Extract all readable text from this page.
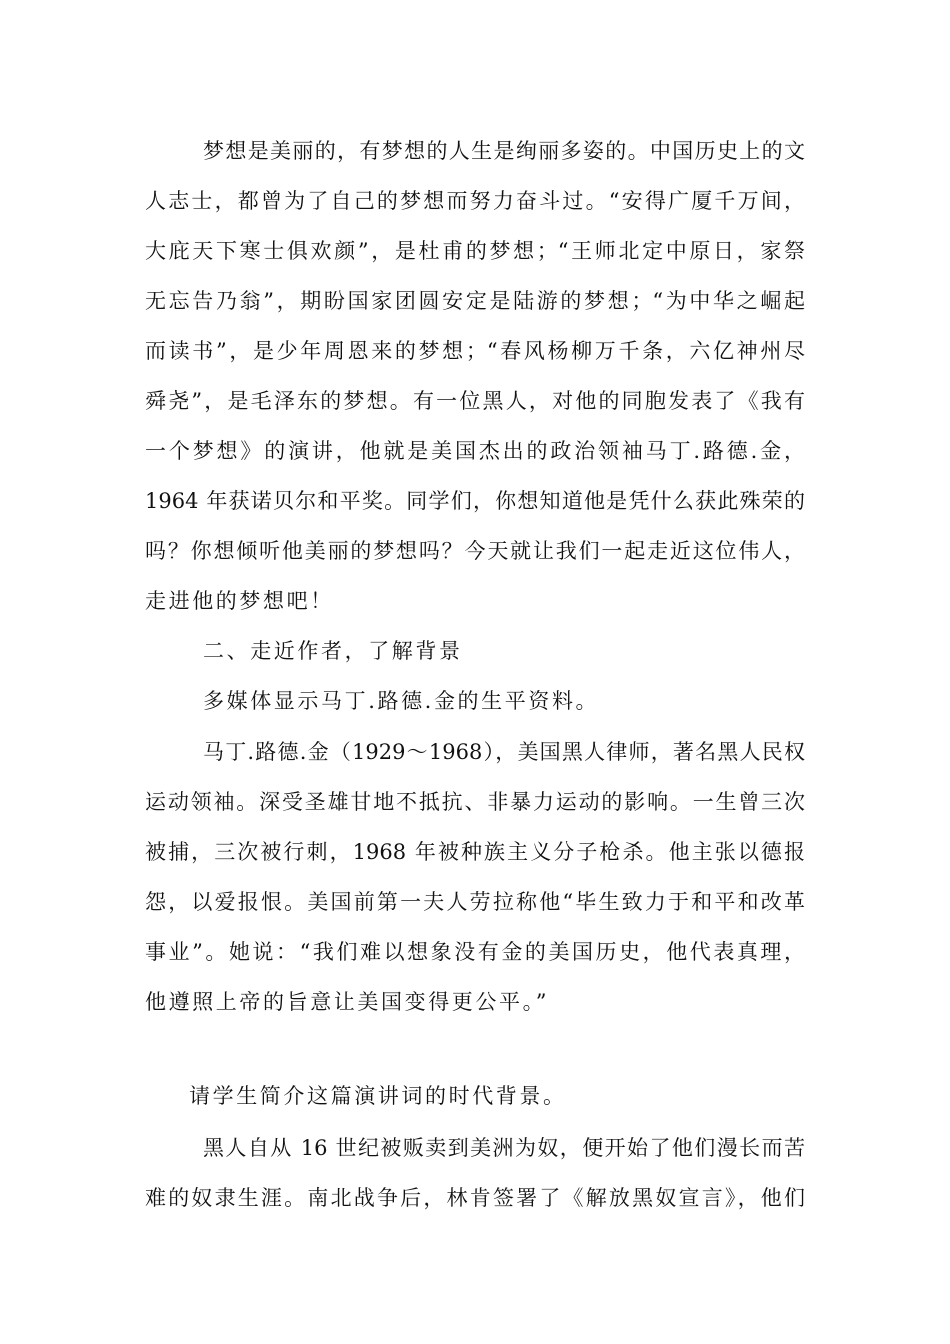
梦想是美丽的，有梦想的人生是绚丽多姿的。中国历史上的文
人志士，都曾为了自己的梦想而努力奋斗过。“安得广厦千万间，
大庇天下寒士俱欢颜”，是杜甫的梦想；“王师北定中原日，家祭
无忘告乃翁”，期盼国家团圆安定是陆游的梦想；“为中华之崛起
而读书”，是少年周恩来的梦想；“春风杨柳万千条，六亿神州尽
舜尧”，是毛泽东的梦想。有一位黑人，对他的同胞发表了《我有
一个梦想》的演讲，他就是美国杰出的政治领袖马丁.路德.金，
1964 年获诺贝尔和平奖。同学们，你想知道他是凭什么获此殊荣的
吗？你想倾听他美丽的梦想吗？今天就让我们一起走近这位伟人，
走进他的梦想吧！
二、走近作者，了解背景
多媒体显示马丁.路德.金的生平资料。
马丁.路德.金（1929～1968），美国黑人律师，著名黑人民权
运动领袖。深受圣雄甘地不抵抗、非暴力运动的影响。一生曾三次
被捕，三次被行刺，1968 年被种族主义分子枪杀。他主张以德报
怨，以爱报恨。美国前第一夫人劳拉称他“毕生致力于和平和改革
事业”。她说：“我们难以想象没有金的美国历史，他代表真理，
他遵照上帝的旨意让美国变得更公平。”
请学生简介这篇演讲词的时代背景。
黑人自从 16 世纪被贩卖到美洲为奴，便开始了他们漫长而苦
难的奴隶生涯。南北战争后，林肯签署了《解放黑奴宣言》，他们
